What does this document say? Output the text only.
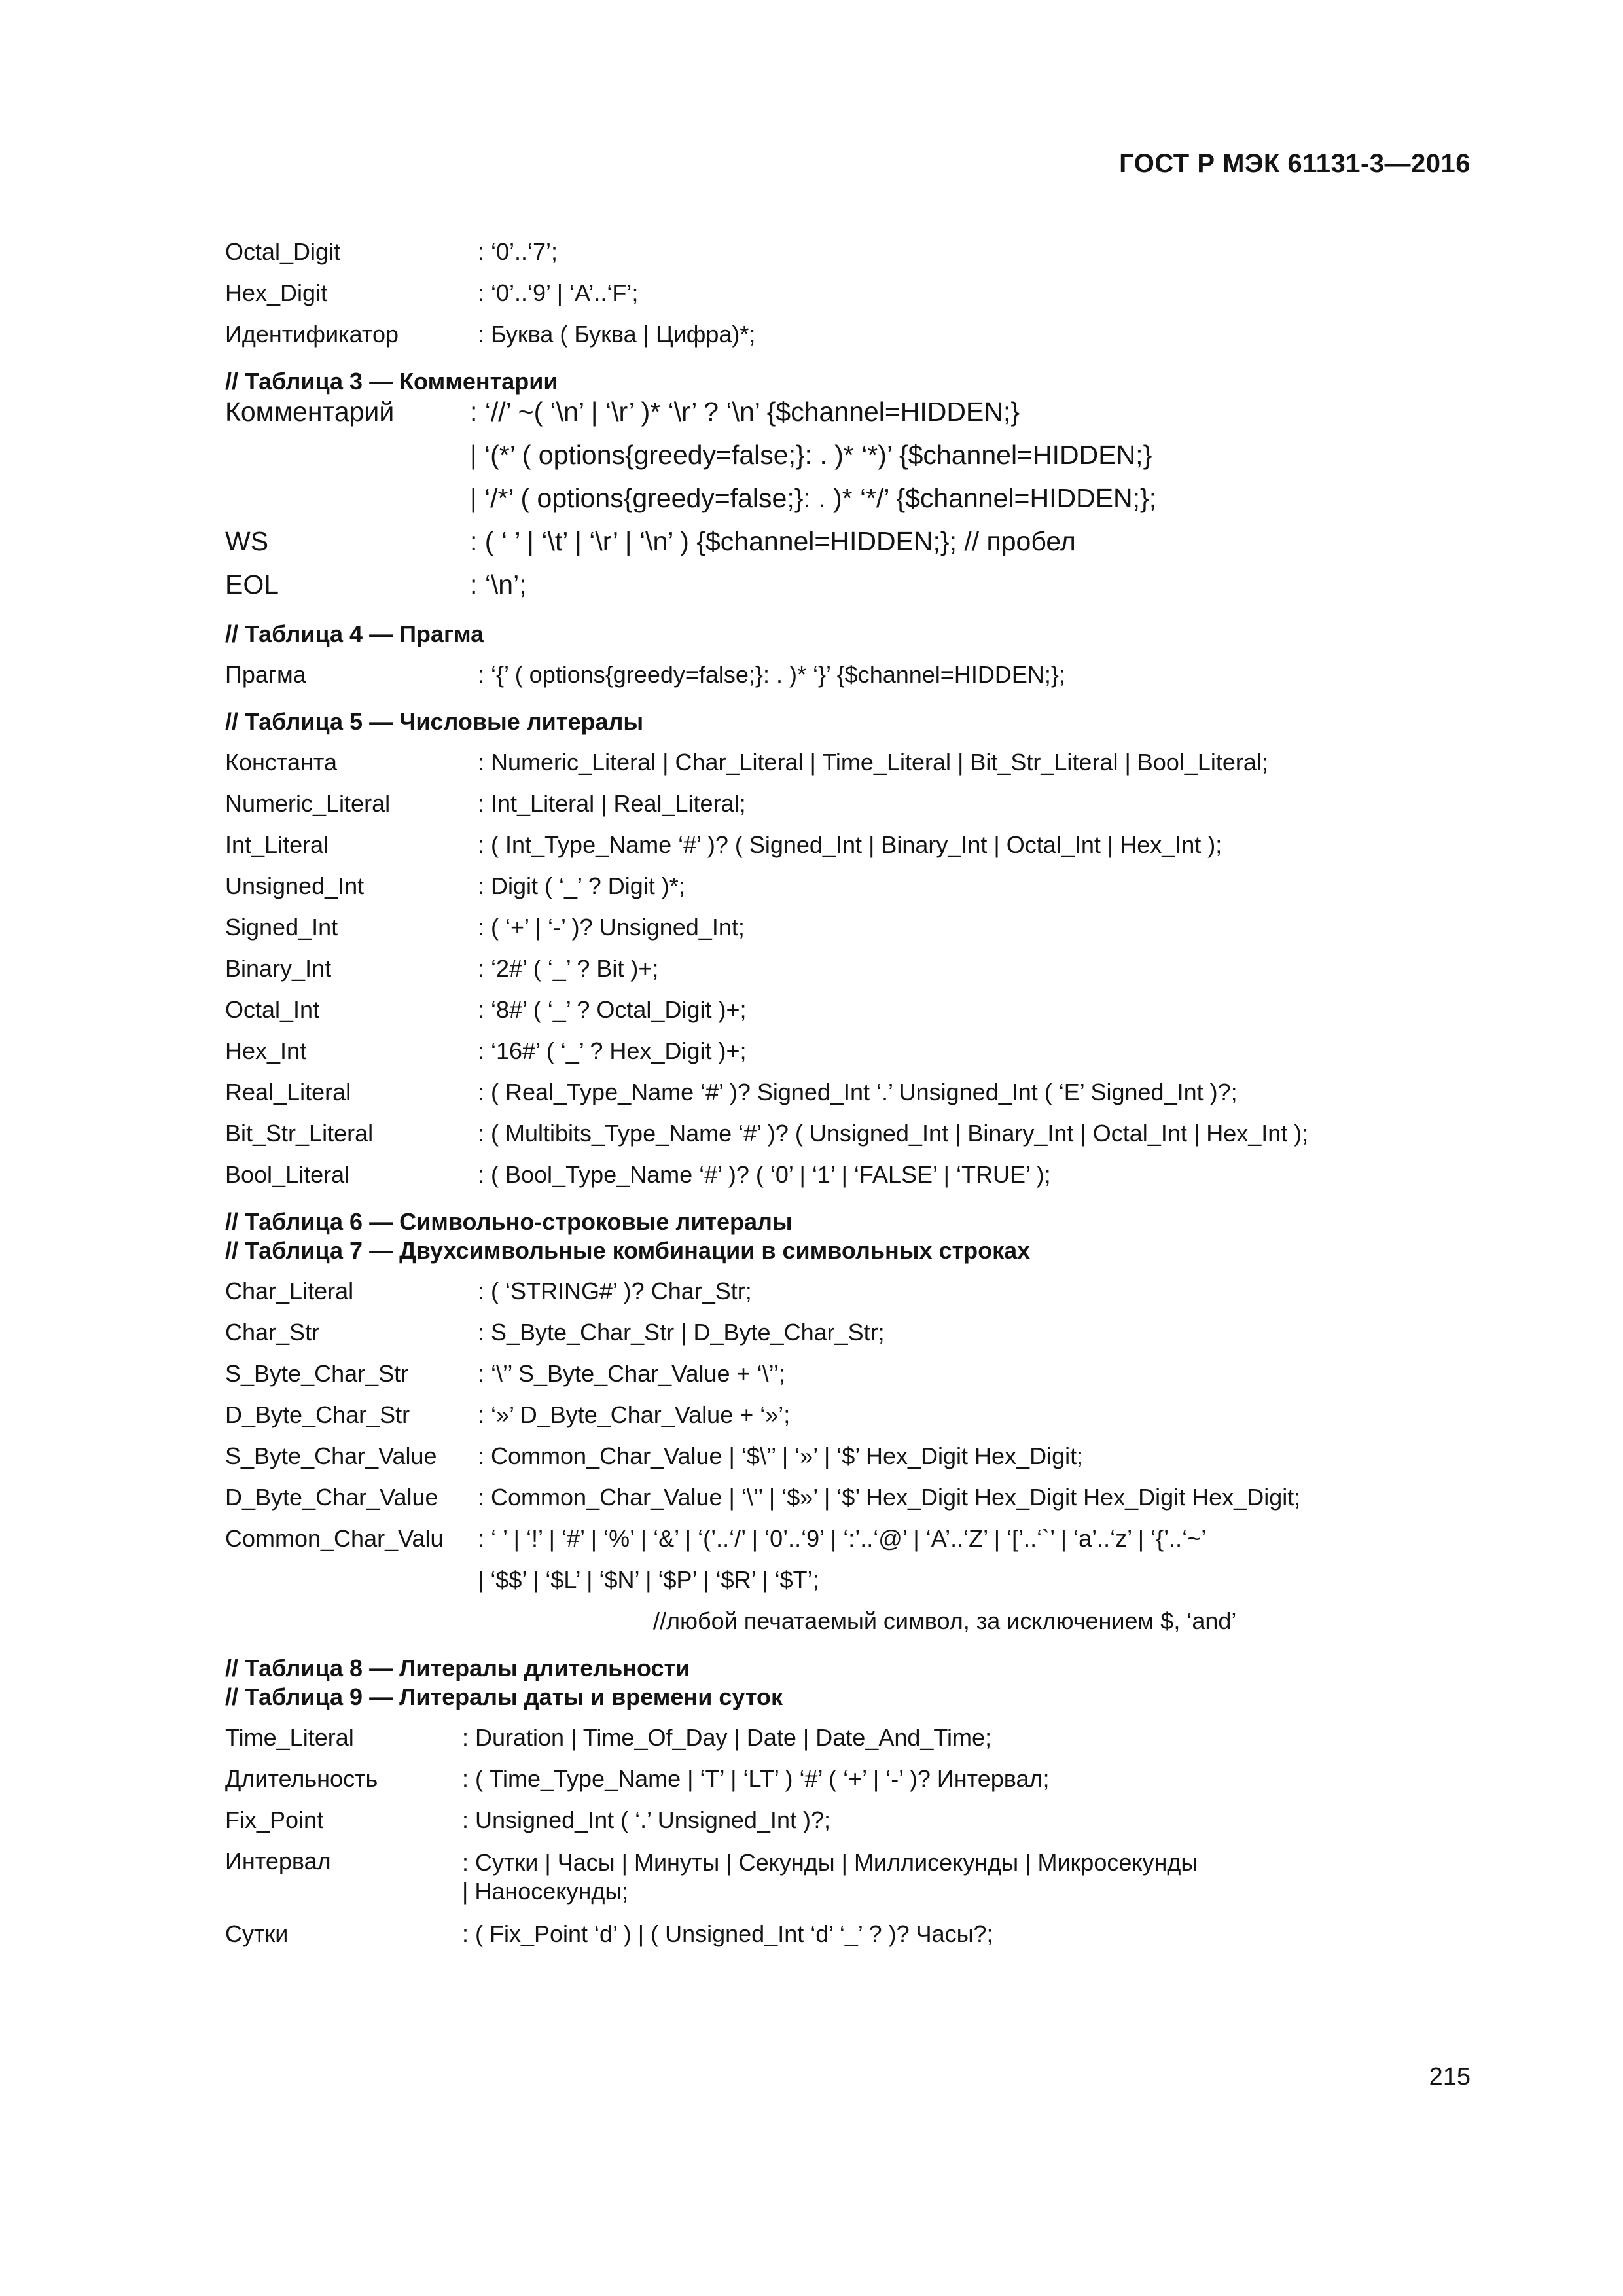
ГОСТ Р МЭК 61131-3—2016
Octal_Digit	: ‘0’..‘7’;
Hex_Digit	: ‘0’..‘9’ | ‘A’..‘F’;
Идентификатор	: Буква ( Буква | Цифра)*;
// Таблица 3 — Комментарии
Комментарий	: ‘//’ ~( ‘\n’ | ‘\r’ )* ‘\r’ ? ‘\n’ {$channel=HIDDEN;}
| ‘(*’ ( options{greedy=false;}: . )* ‘*)’ {$channel=HIDDEN;}
| ‘/*’ ( options{greedy=false;}: . )* ‘*/’ {$channel=HIDDEN;};
WS	: ( ‘ ’ | ‘\t’ | ‘\r’ | ‘\n’ ) {$channel=HIDDEN;}; // пробел
EOL	: ‘\n’;
// Таблица 4 — Прагма
Прагма	: ‘{’ ( options{greedy=false;}: . )* ‘}’ {$channel=HIDDEN;};
// Таблица 5 — Числовые литералы
Константа	: Numeric_Literal | Char_Literal | Time_Literal | Bit_Str_Literal | Bool_Literal;
Numeric_Literal	: Int_Literal | Real_Literal;
Int_Literal	: ( Int_Type_Name ‘#’ )? ( Signed_Int | Binary_Int | Octal_Int | Hex_Int );
Unsigned_Int	: Digit ( ‘_’ ? Digit )*;
Signed_Int	: ( ‘+’ | ‘-’ )? Unsigned_Int;
Binary_Int	: ‘2#’ ( ‘_’ ? Bit )+;
Octal_Int	: ‘8#’ ( ‘_’ ? Octal_Digit )+;
Hex_Int	: ‘16#’ ( ‘_’ ? Hex_Digit )+;
Real_Literal	: ( Real_Type_Name ‘#’ )? Signed_Int ‘.’ Unsigned_Int ( ‘E’ Signed_Int )?;
Bit_Str_Literal	: ( Multibits_Type_Name ‘#’ )? ( Unsigned_Int | Binary_Int | Octal_Int | Hex_Int );
Bool_Literal	: ( Bool_Type_Name ‘#’ )? ( ‘0’ | ‘1’ | ‘FALSE’ | ‘TRUE’ );
// Таблица 6 — Символьно-строковые литералы
// Таблица 7 — Двухсимвольные комбинации в символьных строках
Char_Literal	: ( ‘STRING#’ )? Char_Str;
Char_Str	: S_Byte_Char_Str | D_Byte_Char_Str;
S_Byte_Char_Str	: ‘\’’ S_Byte_Char_Value + ‘\’’;
D_Byte_Char_Str	: ‘»’ D_Byte_Char_Value + ‘»’;
S_Byte_Char_Value	: Common_Char_Value | ‘$\’’ | ‘»’ | ‘$’ Hex_Digit Hex_Digit;
D_Byte_Char_Value	: Common_Char_Value | ‘\’’ | ‘$»’ | ‘$’ Hex_Digit Hex_Digit Hex_Digit Hex_Digit;
Common_Char_Valu	: ‘ ’ | ‘!’ | ‘#’ | ‘%’ | ‘&’ | ‘(’..‘/’ | ‘0’..‘9’ | ‘:’..‘@’ | ‘A’..‘Z’ | ‘[’..‘`’ | ‘a’..‘z’ | ‘{’..‘~’
| ‘$$’ | ‘$L’ | ‘$N’ | ‘$P’ | ‘$R’ | ‘$T’;
//любой печатаемый символ, за исключением $, ‘and’
// Таблица 8 — Литералы длительности
// Таблица 9 — Литералы даты и времени суток
Time_Literal	: Duration | Time_Of_Day | Date | Date_And_Time;
Длительность	: ( Time_Type_Name | ‘T’ | ‘LT’ ) ‘#’ ( ‘+’ | ‘-’ )? Интервал;
Fix_Point	: Unsigned_Int ( ‘.’ Unsigned_Int )?;
Интервал	: Сутки | Часы | Минуты | Секунды | Миллисекунды | Микросекунды
| Наносекунды;
Сутки	: ( Fix_Point ‘d’ ) | ( Unsigned_Int ‘d’ ‘_’ ? )? Часы?;
215
